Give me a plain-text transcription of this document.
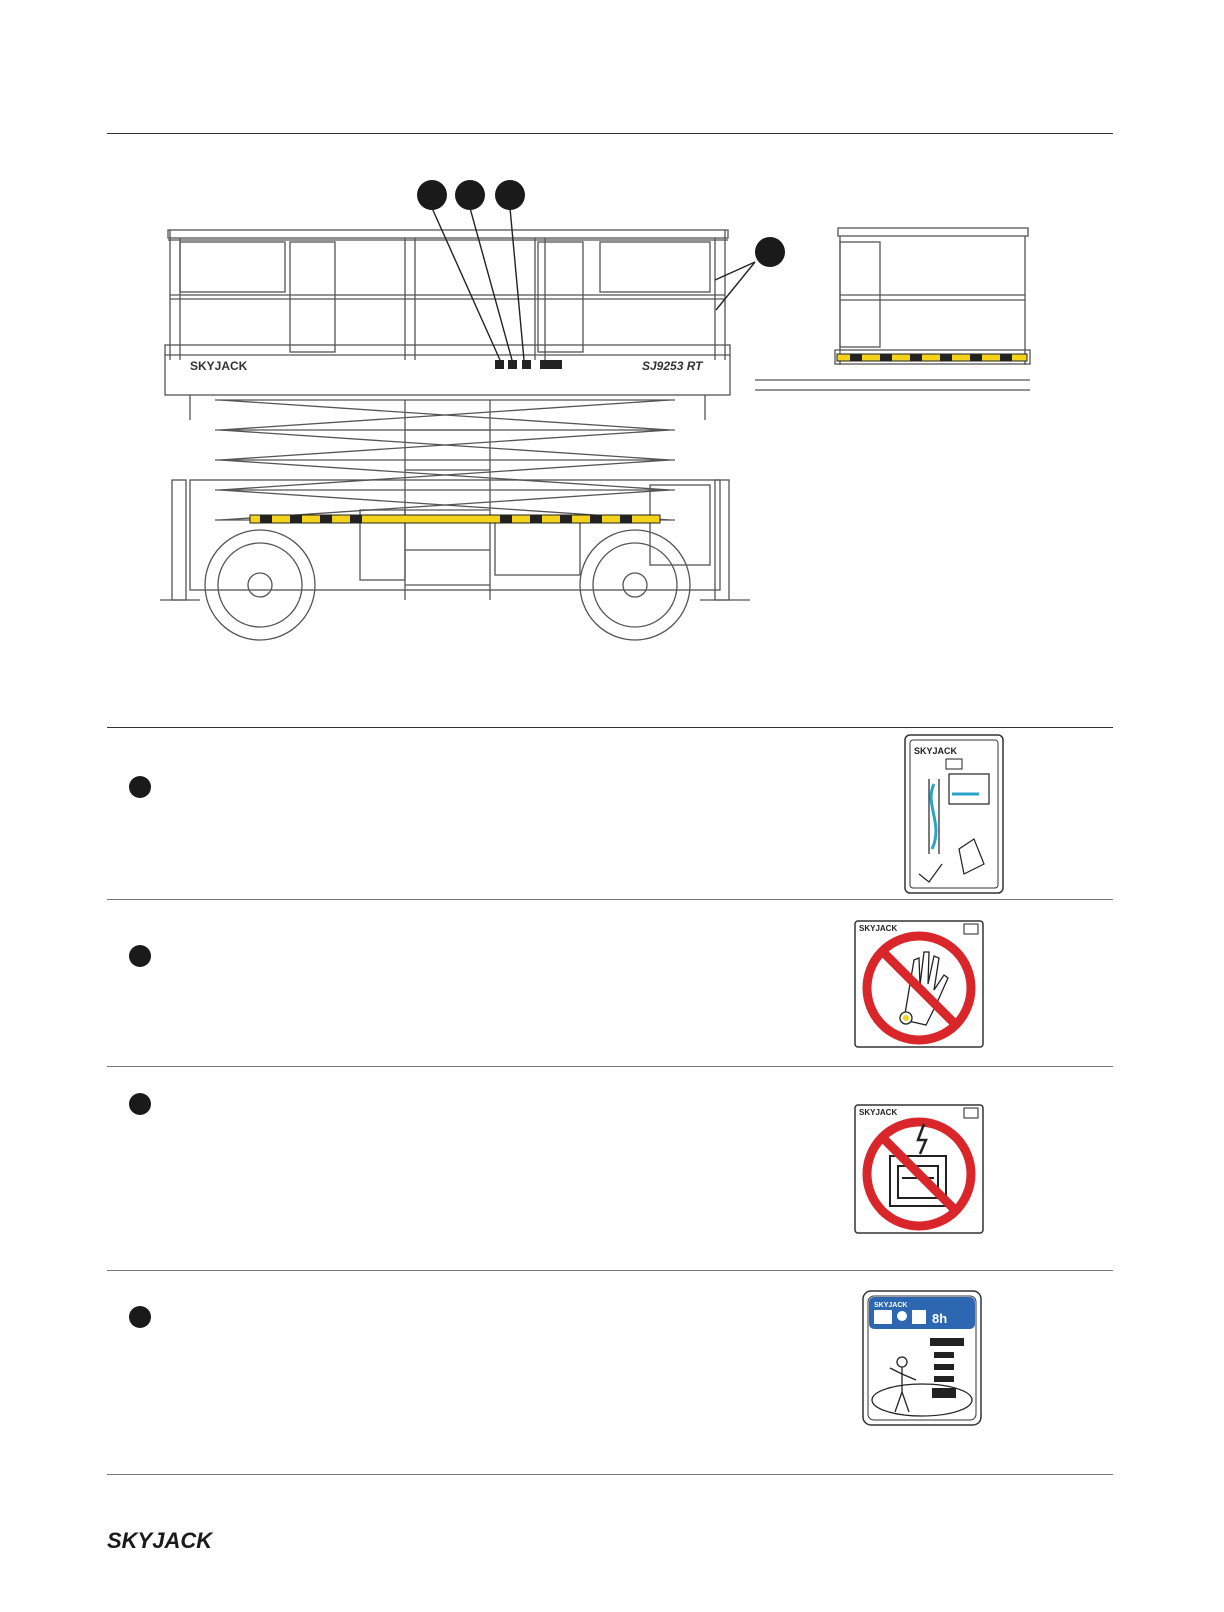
SKYJACK	SJ9253 RT
SKYJACK
SKYJACK
SKYJACK
SKYJACK
8h
SKYJACK
